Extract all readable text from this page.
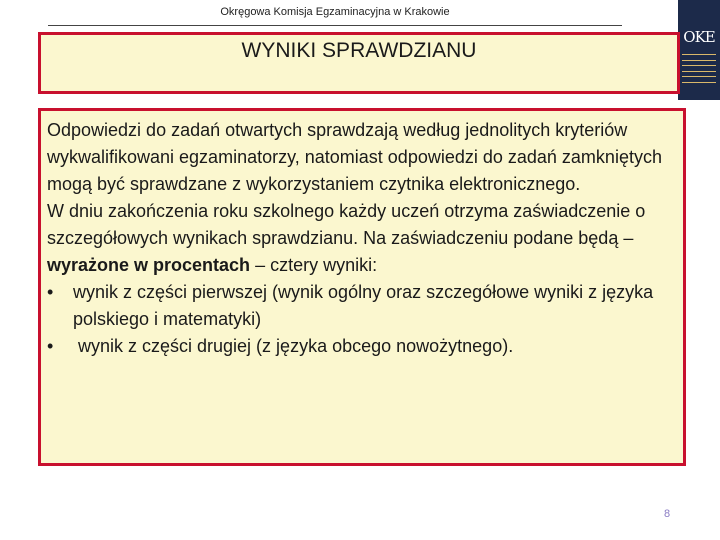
Okręgowa Komisja Egzaminacyjna w Krakowie
OKE
WYNIKI SPRAWDZIANU

Odpowiedzi do zadań otwartych sprawdzają według jednolitych kryteriów wykwalifikowani egzaminatorzy, natomiast odpowiedzi do zadań zamkniętych mogą być sprawdzane z wykorzystaniem czytnika elektronicznego.

W dniu zakończenia roku szkolnego każdy uczeń otrzyma zaświadczenie o szczegółowych wynikach sprawdzianu. Na zaświadczeniu podane będą – wyrażone w procentach – cztery wyniki:

•	wynik z części pierwszej (wynik ogólny oraz szczegółowe wyniki z języka polskiego i matematyki)
•	wynik z części drugiej (z języka obcego nowożytnego).
8
